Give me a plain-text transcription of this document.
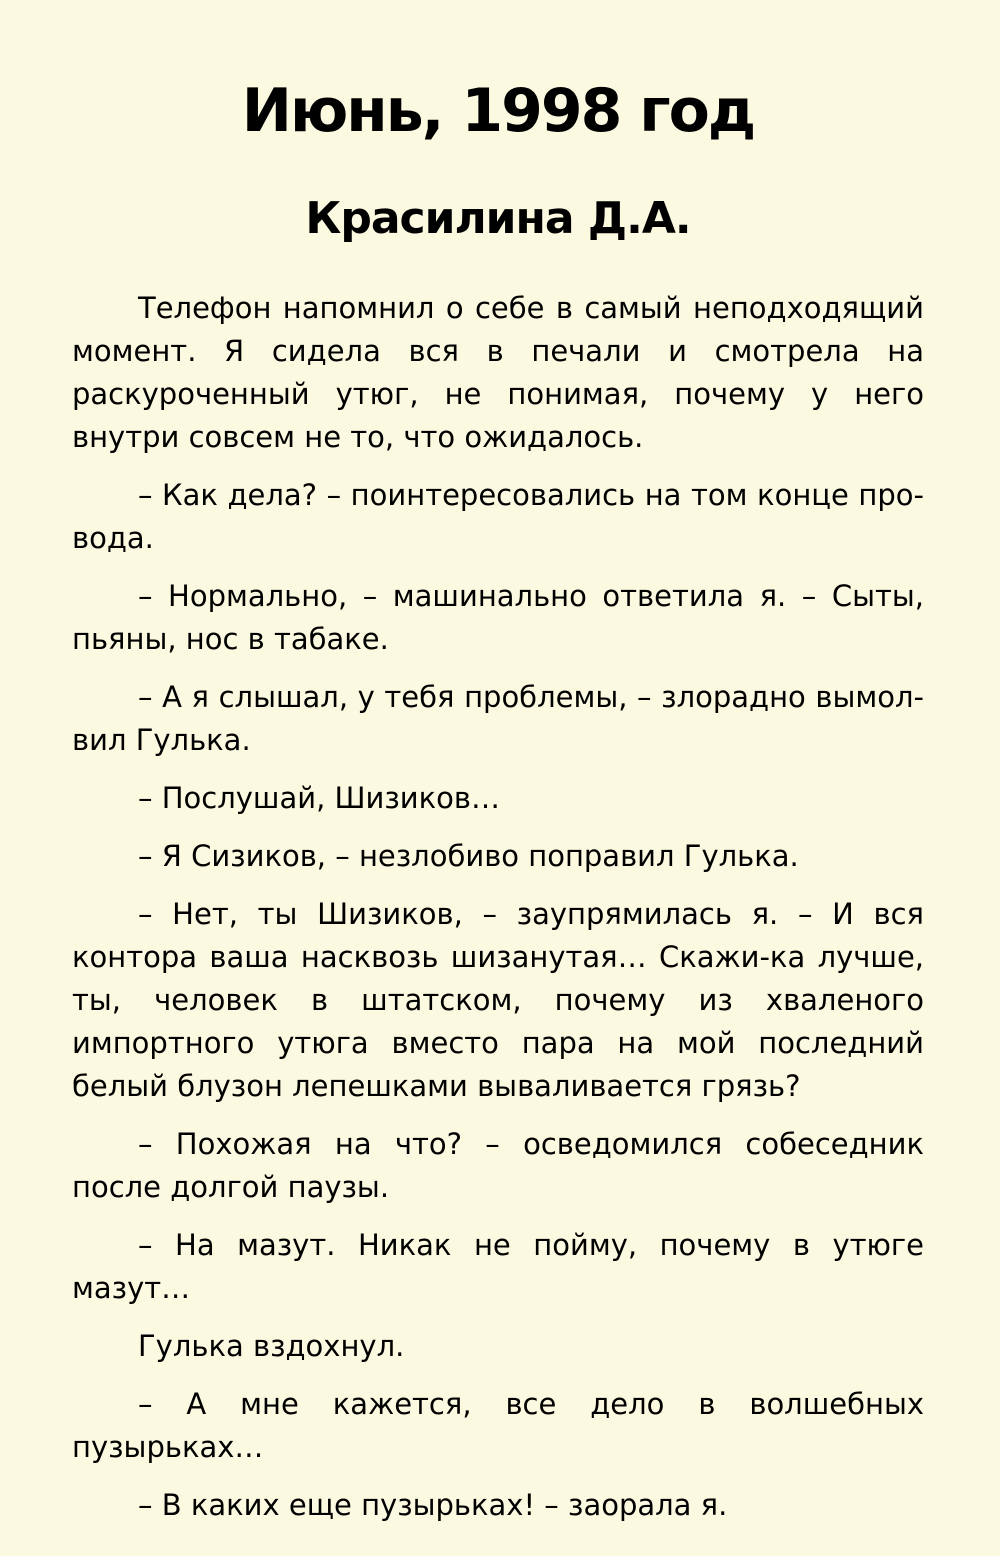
Июнь, 1998 год
Красилина Д.А.

Телефон напомнил о себе в самый неподходящий момент. Я сидела вся в печали и смотрела на раскуроченный утюг, не понимая, почему у него внутри совсем не то, что ожидалось.

– Как дела? – поинтересовались на том конце провода.

– Нормально, – машинально ответила я. – Сыты, пьяны, нос в табаке.

– А я слышал, у тебя проблемы, – злорадно вымолвил Гулька.

– Послушай, Шизиков…

– Я Сизиков, – незлобиво поправил Гулька.

– Нет, ты Шизиков, – заупрямилась я. – И вся контора ваша насквозь шизанутая… Скажи-ка лучше, ты, человек в штатском, почему из хваленого импортного утюга вместо пара на мой последний белый блузон лепешками вываливается грязь?

– Похожая на что? – осведомился собеседник после долгой паузы.

– На мазут. Никак не пойму, почему в утюге мазут…

Гулька вздохнул.

– А мне кажется, все дело в волшебных пузырьках…

– В каких еще пузырьках! – заорала я.
